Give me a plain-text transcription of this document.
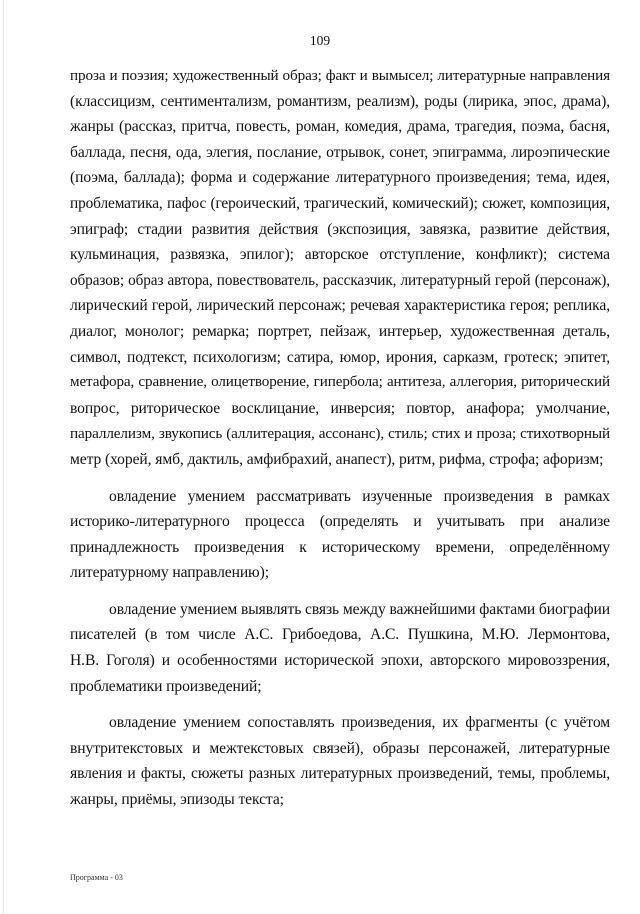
109
проза и поэзия; художественный образ; факт и вымысел; литературные направления
(классицизм, сентиментализм, романтизм, реализм), роды (лирика, эпос, драма),
жанры (рассказ, притча, повесть, роман, комедия, драма, трагедия, поэма, басня,
баллада, песня, ода, элегия, послание, отрывок, сонет, эпиграмма, лироэпические
(поэма, баллада); форма и содержание литературного произведения; тема, идея,
проблематика, пафос (героический, трагический, комический); сюжет, композиция,
эпиграф; стадии развития действия (экспозиция, завязка, развитие действия,
кульминация, развязка, эпилог); авторское отступление, конфликт); система
образов; образ автора, повествователь, рассказчик, литературный герой (персонаж),
лирический герой, лирический персонаж; речевая характеристика героя; реплика,
диалог, монолог; ремарка; портрет, пейзаж, интерьер, художественная деталь,
символ, подтекст, психологизм; сатира, юмор, ирония, сарказм, гротеск; эпитет,
метафора, сравнение, олицетворение, гипербола; антитеза, аллегория, риторический
вопрос, риторическое восклицание, инверсия; повтор, анафора; умолчание,
параллелизм, звукопись (аллитерация, ассонанс), стиль; стих и проза; стихотворный
метр (хорей, ямб, дактиль, амфибрахий, анапест), ритм, рифма, строфа; афоризм;
овладение умением рассматривать изученные произведения в рамках
историко-литературного процесса (определять и учитывать при анализе
принадлежность произведения к историческому времени, определённому
литературному направлению);
овладение умением выявлять связь между важнейшими фактами биографии
писателей (в том числе А.С. Грибоедова, А.С. Пушкина, М.Ю. Лермонтова,
Н.В. Гоголя) и особенностями исторической эпохи, авторского мировоззрения,
проблематики произведений;
овладение умением сопоставлять произведения, их фрагменты (с учётом
внутритекстовых и межтекстовых связей), образы персонажей, литературные
явления и факты, сюжеты разных литературных произведений, темы, проблемы,
жанры, приёмы, эпизоды текста;
Программа - 03
